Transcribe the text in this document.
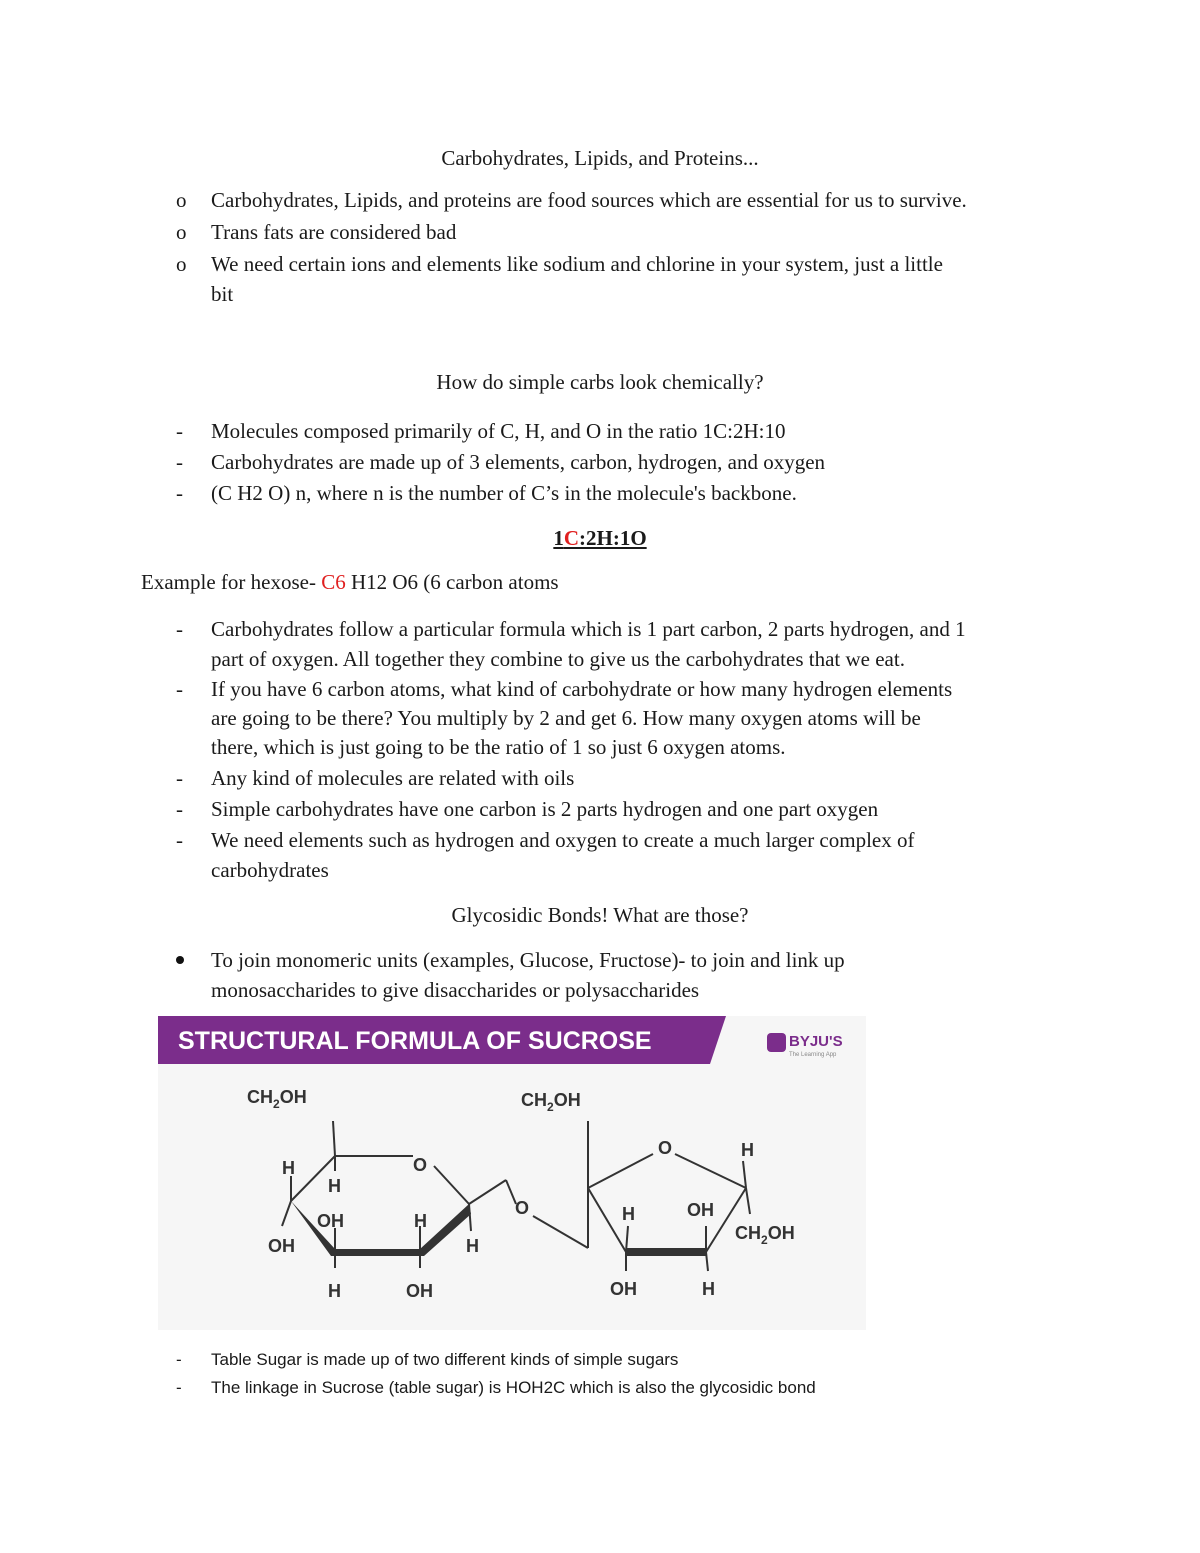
Carbohydrates, Lipids, and Proteins...
o Carbohydrates, Lipids, and proteins are food sources which are essential for us to survive.
o Trans fats are considered bad
o We need certain ions and elements like sodium and chlorine in your system, just a little
bit
How do simple carbs look chemically?
- Molecules composed primarily of C, H, and O in the ratio 1C:2H:10
- Carbohydrates are made up of 3 elements, carbon, hydrogen, and oxygen
- (C H2 O) n, where n is the number of C’s in the molecule's backbone.
1C:2H:1O
Example for hexose- C6 H12 O6 (6 carbon atoms
- Carbohydrates follow a particular formula which is 1 part carbon, 2 parts hydrogen, and 1
part of oxygen. All together they combine to give us the carbohydrates that we eat.
- If you have 6 carbon atoms, what kind of carbohydrate or how many hydrogen elements
are going to be there? You multiply by 2 and get 6. How many oxygen atoms will be
there, which is just going to be the ratio of 1 so just 6 oxygen atoms.
- Any kind of molecules are related with oils
- Simple carbohydrates have one carbon is 2 parts hydrogen and one part oxygen
- We need elements such as hydrogen and oxygen to create a much larger complex of
carbohydrates
Glycosidic Bonds! What are those?
To join monomeric units (examples, Glucose, Fructose)- to join and link up
monosaccharides to give disaccharides or polysaccharides
STRUCTURAL FORMULA OF SUCROSE	BYJU'S
The Learning App
$CH_2OH$	$CH_2OH$
$CH_2OH$
O
O
O
H
H
OH	H
OH	H
H	OH
H
H	OH
OH	H
- Table Sugar is made up of two different kinds of simple sugars
- The linkage in Sucrose (table sugar) is HOH2C which is also the glycosidic bond
